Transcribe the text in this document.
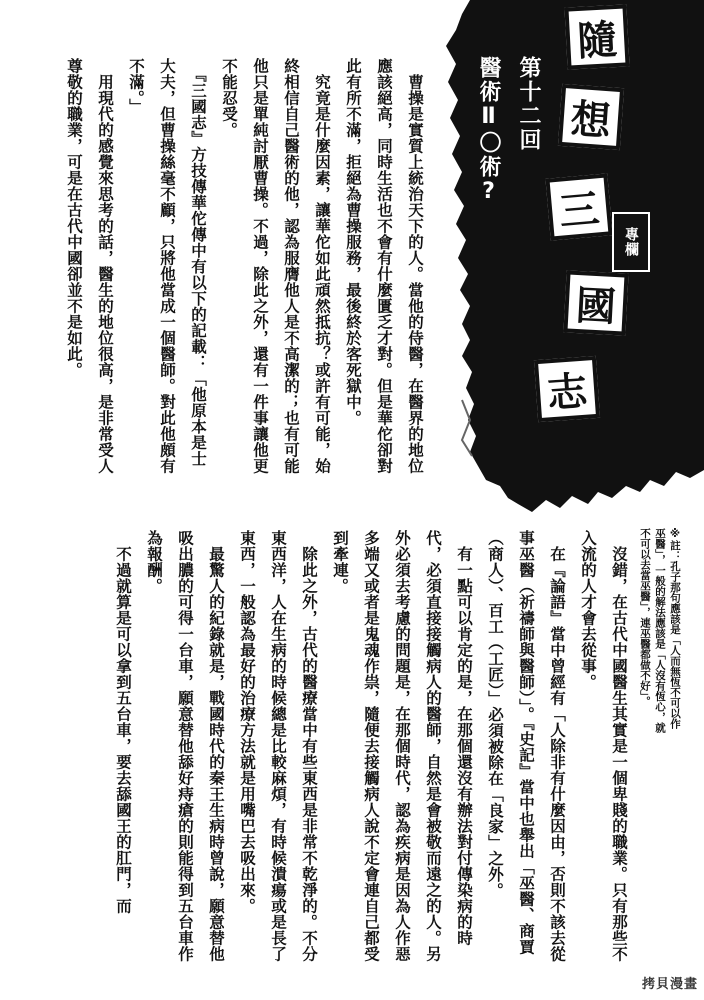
隨
想
三
國
志
專欄
第十二回
醫術Ⅱ〇術?

　曹操是實質上統治天下的人。當他的侍醫，在醫界的地位應該絕高，同時生活也不會有什麼匱乏才對。但是華佗卻對此有所不滿，拒絕為曹操服務，最後終於客死獄中。

　究竟是什麼因素，讓華佗如此頑然抵抗？或許有可能，始終相信自己醫術的他，認為服膺他人是不高潔的；也有可能他只是單純討厭曹操。不過，除此之外，還有一件事讓他更不能忍受。

　『三國志』方技傳華佗傳中有以下的記載：「他原本是士大夫，但曹操絲毫不顧，只將他當成一個醫師。對此他頗有不滿。」

　用現代的感覺來思考的話，醫生的地位很高，是非常受人尊敬的職業，可是在古代中國卻並不是如此。

※註：孔子那句應該是「人而無恆不可以作巫醫」，一般的解法應該是「人沒有恆心，就不可以去當巫醫」，連巫醫都做不好」。

　沒錯，在古代中國醫生其實是一個卑賤的職業。只有那些不入流的人才會去從事。

　在『論語』當中曾經有「人除非有什麼因由，否則不該去從事巫醫（祈禱師與醫師）」。『史記』當中也舉出「巫醫、商賈（商人）、百工（工匠）」必須被除在「良家」之外。

　有一點可以肯定的是，在那個還沒有辦法對付傳染病的時代，必須直接接觸病人的醫師，自然是會被敬而遠之的人。另外必須去考慮的問題是，在那個時代，認為疾病是因為人作惡多端又或者是鬼魂作祟，隨便去接觸病人說不定會連自己都受到牽連。

　除此之外，古代的醫療當中有些東西是非常不乾淨的。不分東西洋，人在生病的時候總是比較麻煩，有時候潰瘍或是長了東西，一般認為最好的治療方法就是用嘴巴去吸出來。

　最驚人的紀錄就是，戰國時代的秦王生病時曾說，願意替他吸出膿的可得一台車，願意替他舔好痔瘡的則能得到五台車作為報酬。

　不過就算是可以拿到五台車，要去舔國王的肛門，而

拷貝漫畫
